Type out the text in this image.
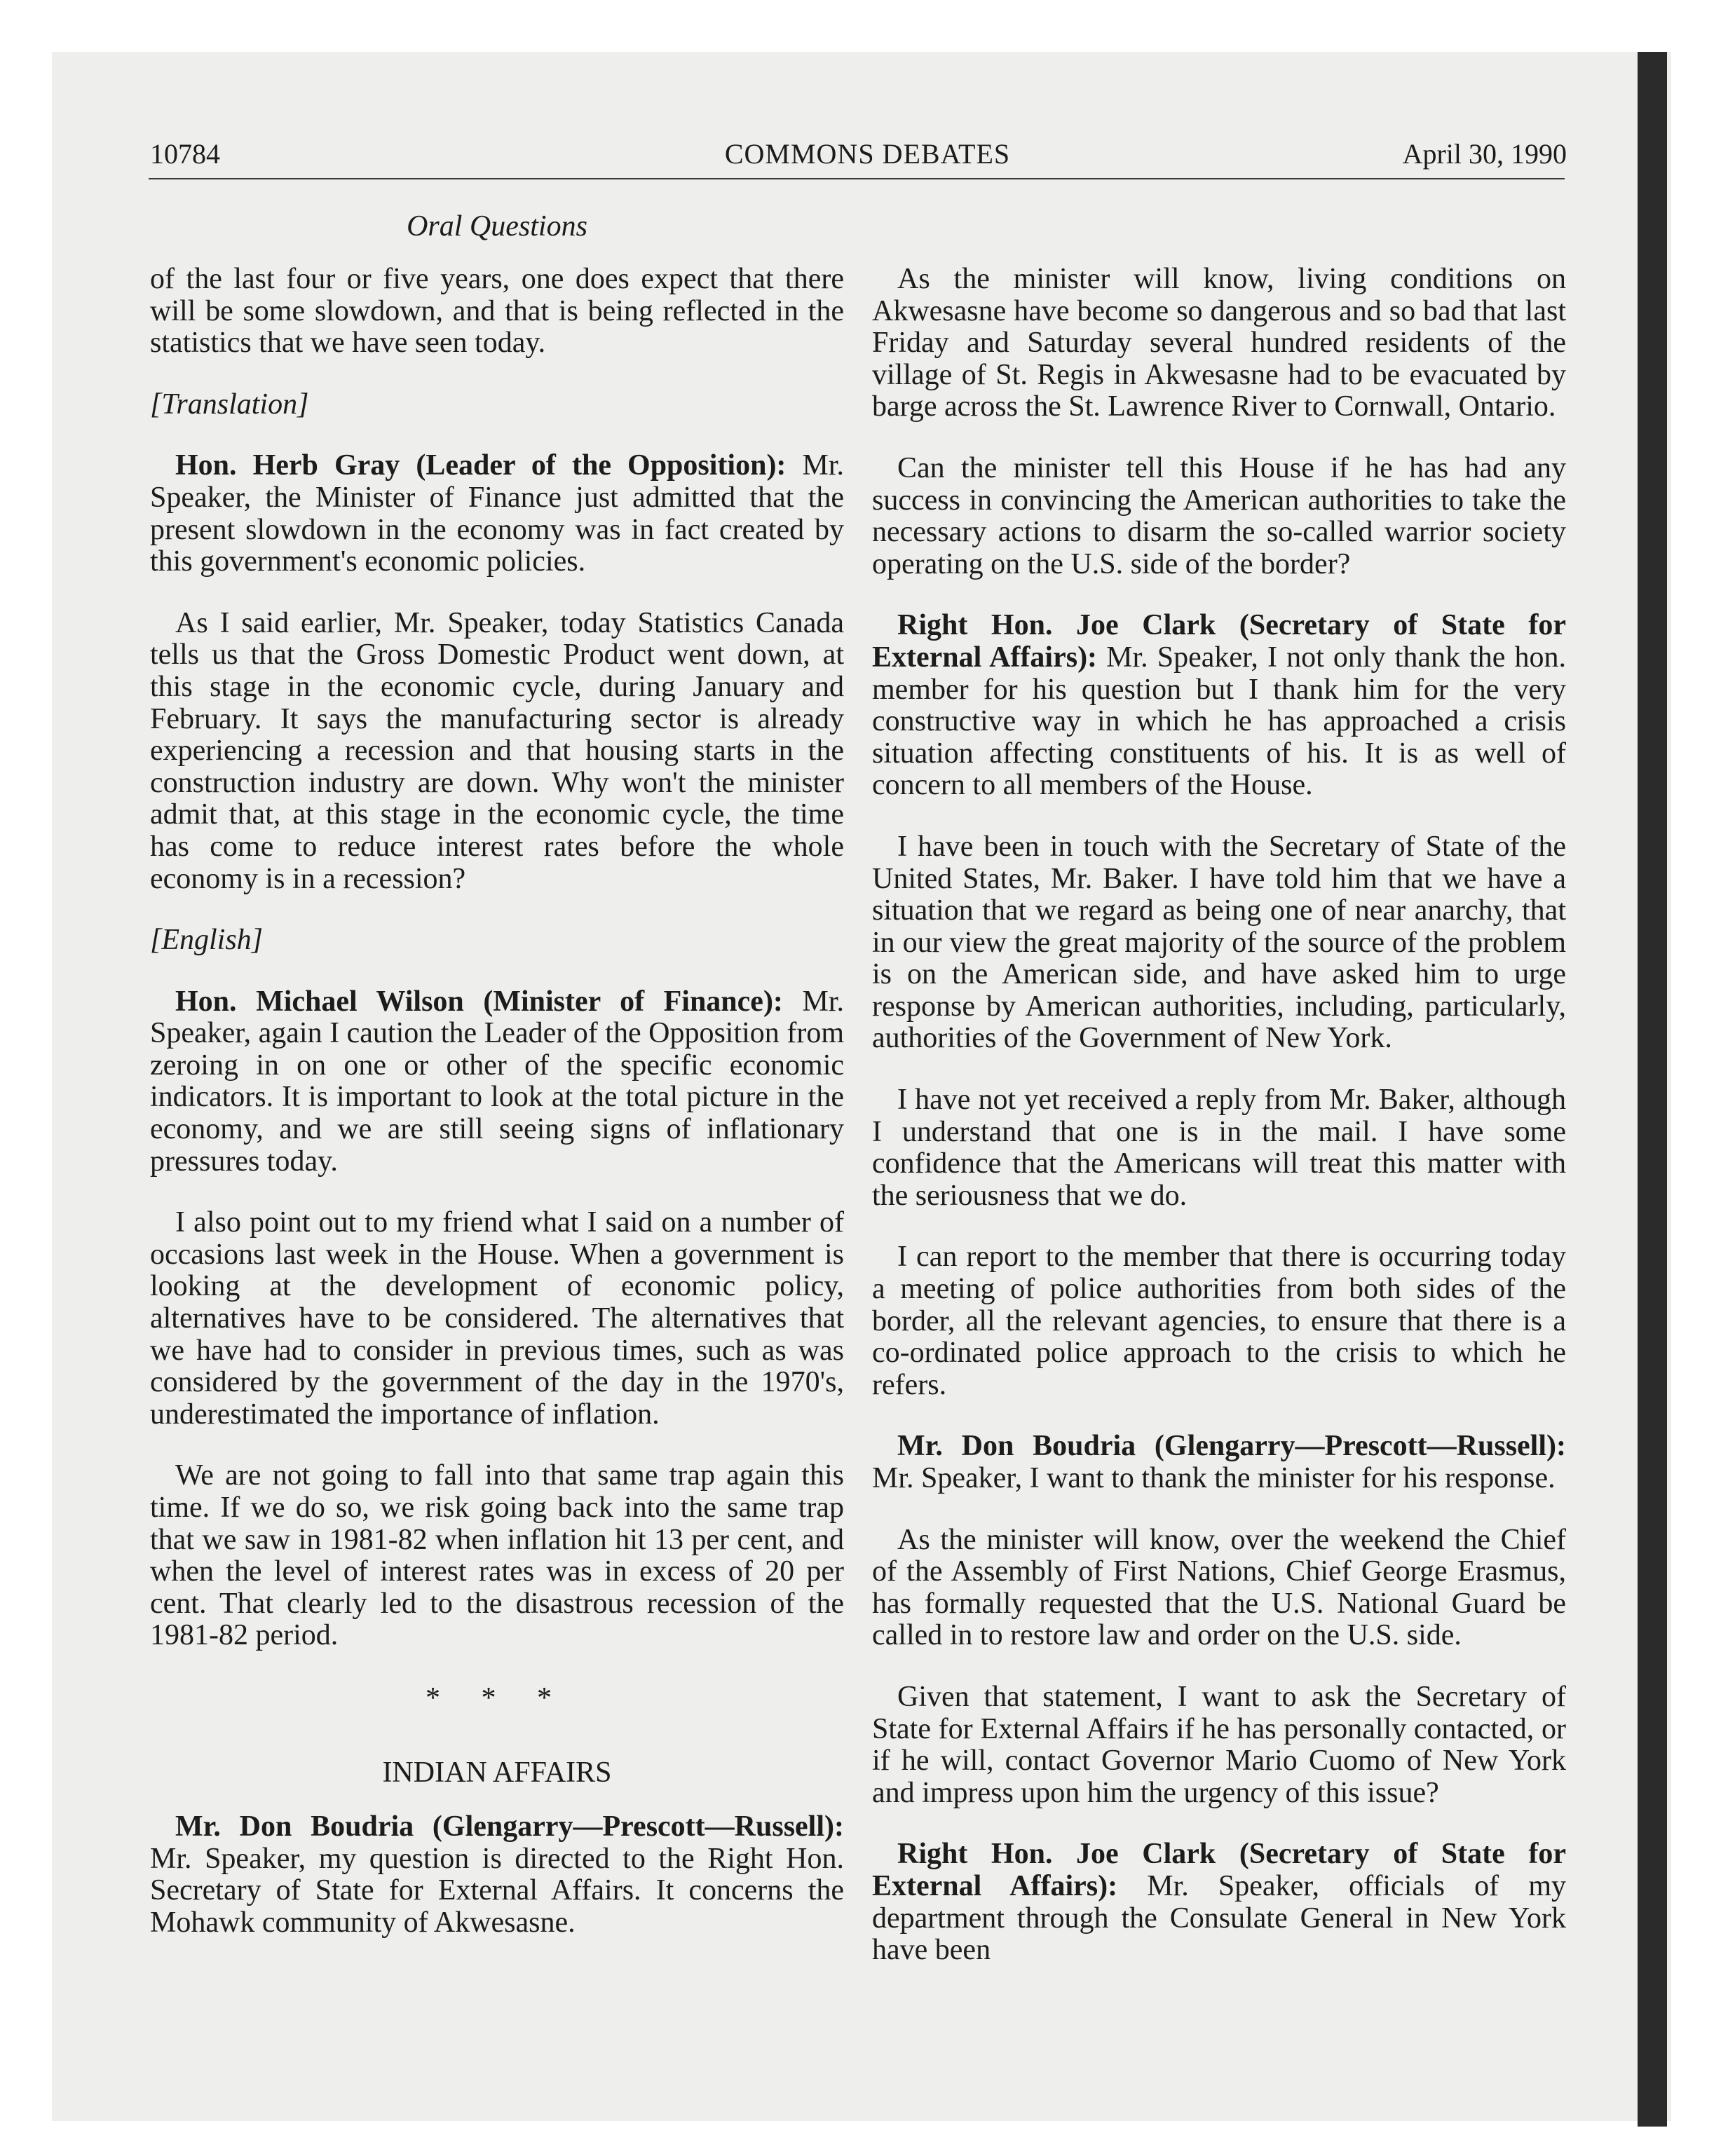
10784	COMMONS DEBATES	April 30, 1990
Oral Questions

of the last four or five years, one does expect that there will be some slowdown, and that is being reflected in the statistics that we have seen today.

[Translation]

Hon. Herb Gray (Leader of the Opposition): Mr. Speaker, the Minister of Finance just admitted that the present slowdown in the economy was in fact created by this government's economic policies.

As I said earlier, Mr. Speaker, today Statistics Canada tells us that the Gross Domestic Product went down, at this stage in the economic cycle, during January and February. It says the manufacturing sector is already experiencing a recession and that housing starts in the construction industry are down. Why won't the minister admit that, at this stage in the economic cycle, the time has come to reduce interest rates before the whole economy is in a recession?

[English]

Hon. Michael Wilson (Minister of Finance): Mr. Speaker, again I caution the Leader of the Opposition from zeroing in on one or other of the specific economic indicators. It is important to look at the total picture in the economy, and we are still seeing signs of inflationary pressures today.

I also point out to my friend what I said on a number of occasions last week in the House. When a government is looking at the development of economic policy, alternatives have to be considered. The alternatives that we have had to consider in previous times, such as was considered by the government of the day in the 1970's, underestimated the importance of inflation.

We are not going to fall into that same trap again this time. If we do so, we risk going back into the same trap that we saw in 1981-82 when inflation hit 13 per cent, and when the level of interest rates was in excess of 20 per cent. That clearly led to the disastrous recession of the 1981-82 period.

* * *

INDIAN AFFAIRS

Mr. Don Boudria (Glengarry—Prescott—Russell): Mr. Speaker, my question is directed to the Right Hon. Secretary of State for External Affairs. It concerns the Mohawk community of Akwesasne.

As the minister will know, living conditions on Akwesasne have become so dangerous and so bad that last Friday and Saturday several hundred residents of the village of St. Regis in Akwesasne had to be evacuated by barge across the St. Lawrence River to Cornwall, Ontario.

Can the minister tell this House if he has had any success in convincing the American authorities to take the necessary actions to disarm the so-called warrior society operating on the U.S. side of the border?

Right Hon. Joe Clark (Secretary of State for External Affairs): Mr. Speaker, I not only thank the hon. member for his question but I thank him for the very constructive way in which he has approached a crisis situation affecting constituents of his. It is as well of concern to all members of the House.

I have been in touch with the Secretary of State of the United States, Mr. Baker. I have told him that we have a situation that we regard as being one of near anarchy, that in our view the great majority of the source of the problem is on the American side, and have asked him to urge response by American authorities, including, particularly, authorities of the Government of New York.

I have not yet received a reply from Mr. Baker, although I understand that one is in the mail. I have some confidence that the Americans will treat this matter with the seriousness that we do.

I can report to the member that there is occurring today a meeting of police authorities from both sides of the border, all the relevant agencies, to ensure that there is a co-ordinated police approach to the crisis to which he refers.

Mr. Don Boudria (Glengarry—Prescott—Russell): Mr. Speaker, I want to thank the minister for his response.

As the minister will know, over the weekend the Chief of the Assembly of First Nations, Chief George Erasmus, has formally requested that the U.S. National Guard be called in to restore law and order on the U.S. side.

Given that statement, I want to ask the Secretary of State for External Affairs if he has personally contacted, or if he will, contact Governor Mario Cuomo of New York and impress upon him the urgency of this issue?

Right Hon. Joe Clark (Secretary of State for External Affairs): Mr. Speaker, officials of my department through the Consulate General in New York have been
